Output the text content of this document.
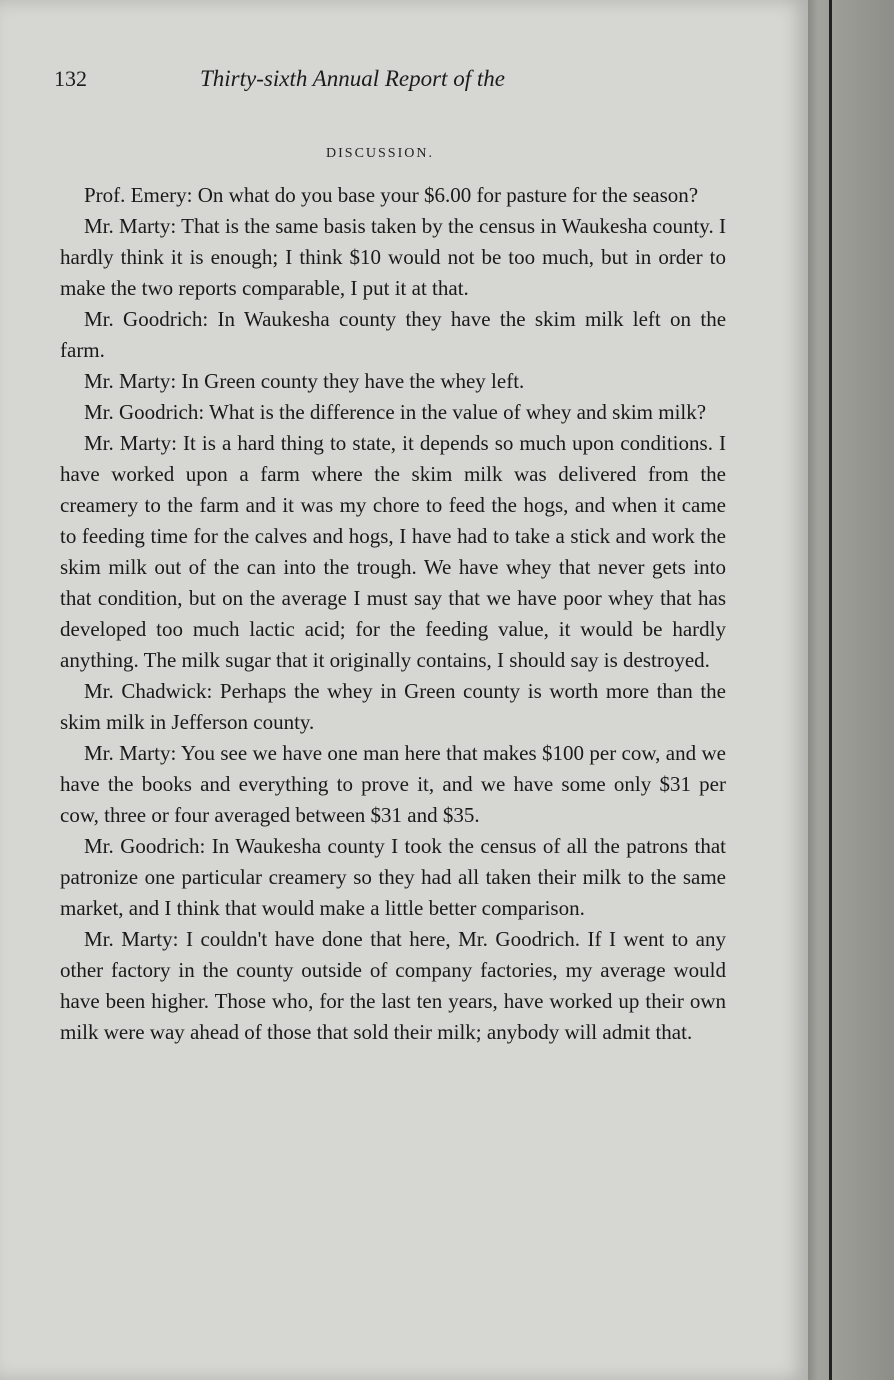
132	Thirty-sixth Annual Report of the
DISCUSSION.

Prof. Emery: On what do you base your $6.00 for pasture for the season?

Mr. Marty: That is the same basis taken by the census in Waukesha county. I hardly think it is enough; I think $10 would not be too much, but in order to make the two reports comparable, I put it at that.

Mr. Goodrich: In Waukesha county they have the skim milk left on the farm.

Mr. Marty: In Green county they have the whey left.

Mr. Goodrich: What is the difference in the value of whey and skim milk?

Mr. Marty: It is a hard thing to state, it depends so much upon conditions. I have worked upon a farm where the skim milk was delivered from the creamery to the farm and it was my chore to feed the hogs, and when it came to feeding time for the calves and hogs, I have had to take a stick and work the skim milk out of the can into the trough. We have whey that never gets into that condition, but on the average I must say that we have poor whey that has developed too much lactic acid; for the feeding value, it would be hardly anything. The milk sugar that it originally contains, I should say is destroyed.

Mr. Chadwick: Perhaps the whey in Green county is worth more than the skim milk in Jefferson county.

Mr. Marty: You see we have one man here that makes $100 per cow, and we have the books and everything to prove it, and we have some only $31 per cow, three or four averaged between $31 and $35.

Mr. Goodrich: In Waukesha county I took the census of all the patrons that patronize one particular creamery so they had all taken their milk to the same market, and I think that would make a little better comparison.

Mr. Marty: I couldn't have done that here, Mr. Goodrich. If I went to any other factory in the county outside of company factories, my average would have been higher. Those who, for the last ten years, have worked up their own milk were way ahead of those that sold their milk; anybody will admit that.
